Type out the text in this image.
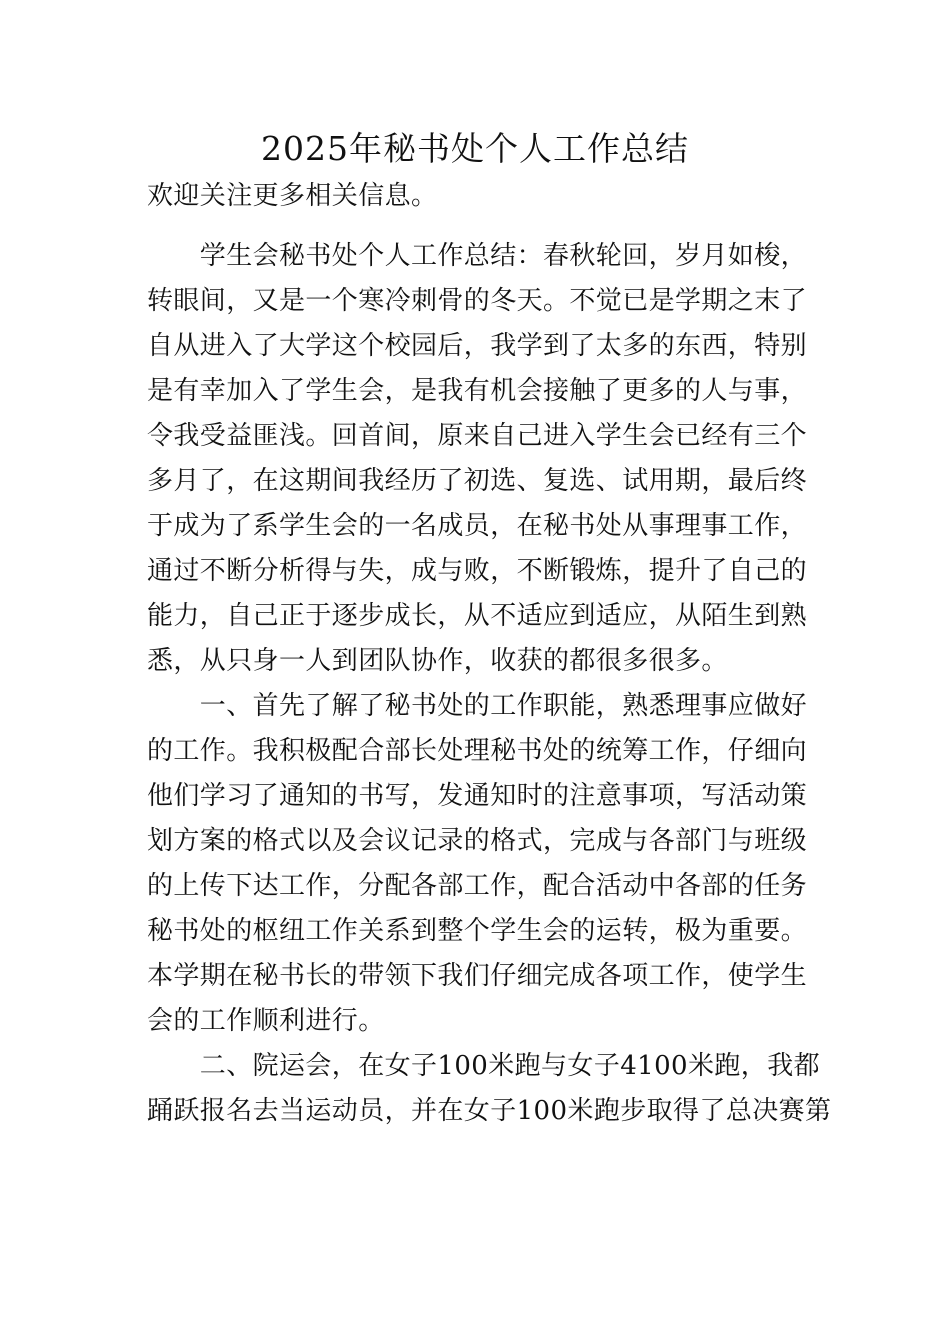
2025年秘书处个人工作总结
欢迎关注更多相关信息。
　　学生会秘书处个人工作总结：春秋轮回，岁月如梭，
转眼间，又是一个寒冷刺骨的冬天。不觉已是学期之末了
自从进入了大学这个校园后，我学到了太多的东西，特别
是有幸加入了学生会，是我有机会接触了更多的人与事，
令我受益匪浅。回首间，原来自己进入学生会已经有三个
多月了，在这期间我经历了初选、复选、试用期，最后终
于成为了系学生会的一名成员，在秘书处从事理事工作，
通过不断分析得与失，成与败，不断锻炼，提升了自己的
能力，自己正于逐步成长，从不适应到适应，从陌生到熟
悉，从只身一人到团队协作，收获的都很多很多。
　　一、首先了解了秘书处的工作职能，熟悉理事应做好
的工作。我积极配合部长处理秘书处的统筹工作，仔细向
他们学习了通知的书写，发通知时的注意事项，写活动策
划方案的格式以及会议记录的格式，完成与各部门与班级
的上传下达工作，分配各部工作，配合活动中各部的任务
秘书处的枢纽工作关系到整个学生会的运转，极为重要。
本学期在秘书长的带领下我们仔细完成各项工作，使学生
会的工作顺利进行。
　　二、院运会，在女子100米跑与女子4100米跑，我都
踊跃报名去当运动员，并在女子100米跑步取得了总决赛第
